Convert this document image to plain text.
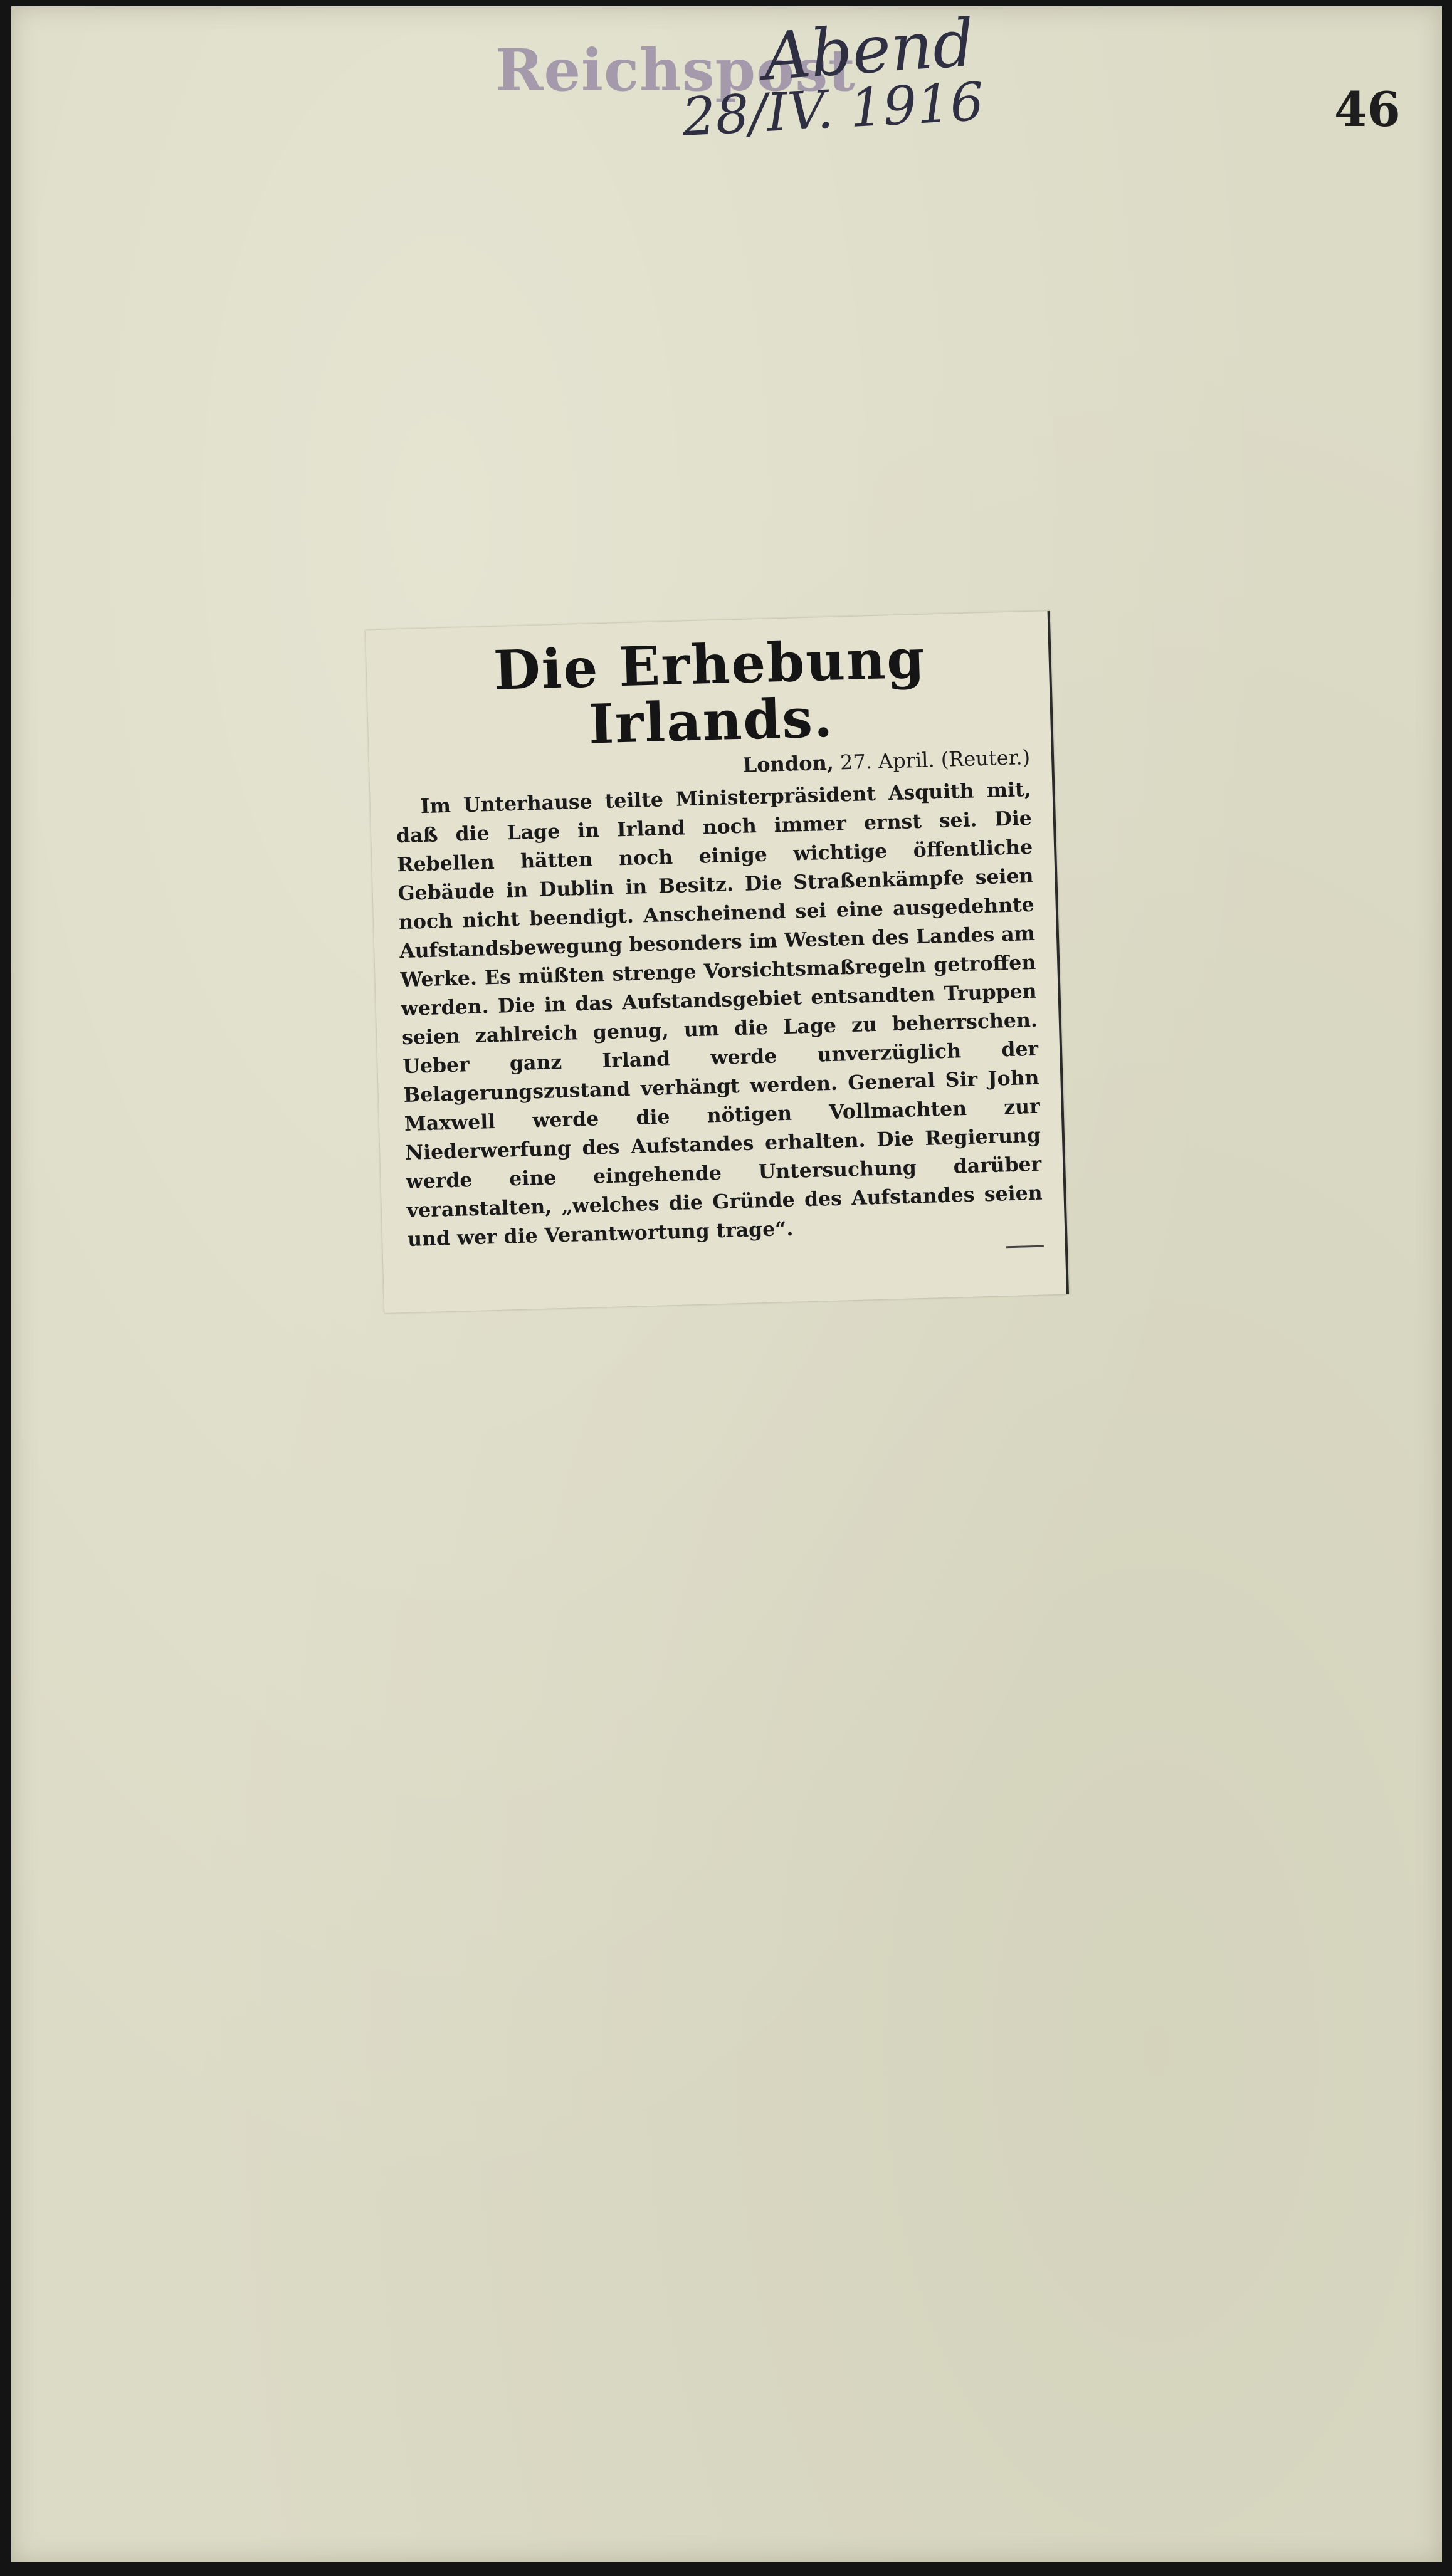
Reichspost
Abend
28/IV. 1916	46
Die Erhebung Irlands.
London, 27. April. (Reuter.)

Im Unterhause teilte Ministerpräsident Asquith mit, daß die Lage in Irland noch immer ernst sei. Die Rebellen hätten noch einige wichtige öffentliche Gebäude in Dublin in Besitz. Die Straßenkämpfe seien noch nicht beendigt. Anscheinend sei eine ausgedehnte Aufstandsbewegung besonders im Westen des Landes am Werke. Es müßten strenge Vorsichtsmaßregeln getroffen werden. Die in das Aufstandsgebiet entsandten Truppen seien zahlreich genug, um die Lage zu beherrschen. Ueber ganz Irland werde unverzüglich der Belagerungszustand verhängt werden. General Sir John Maxwell werde die nötigen Vollmachten zur Niederwerfung des Aufstandes erhalten. Die Regierung werde eine eingehende Untersuchung darüber veranstalten, „welches die Gründe des Aufstandes seien und wer die Verantwortung trage“.
